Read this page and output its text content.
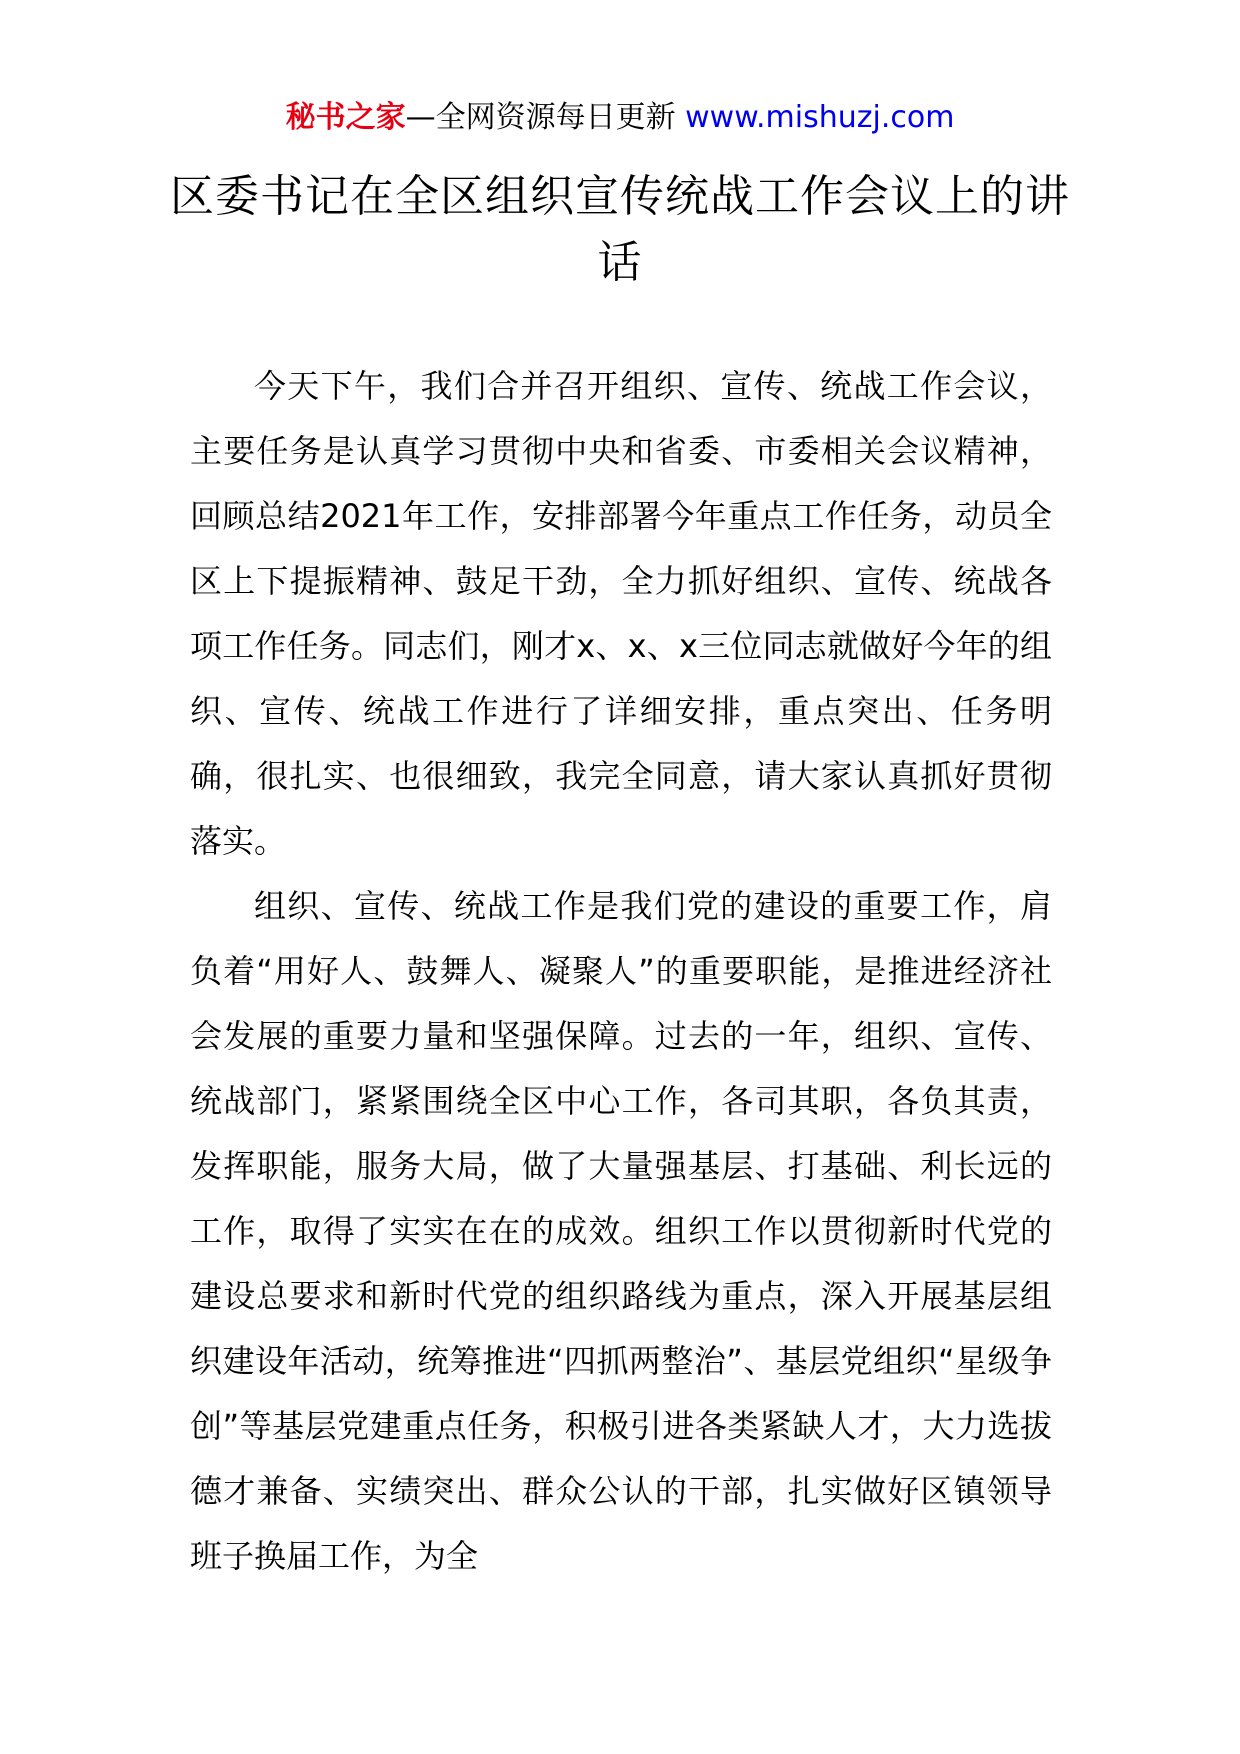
秘书之家—全网资源每日更新 www.mishuzj.com
区委书记在全区组织宣传统战工作会议上的讲话

今天下午，我们合并召开组织、宣传、统战工作会议，主要任务是认真学习贯彻中央和省委、市委相关会议精神，回顾总结2021年工作，安排部署今年重点工作任务，动员全区上下提振精神、鼓足干劲，全力抓好组织、宣传、统战各项工作任务。同志们，刚才x、x、x三位同志就做好今年的组织、宣传、统战工作进行了详细安排，重点突出、任务明确，很扎实、也很细致，我完全同意，请大家认真抓好贯彻落实。

组织、宣传、统战工作是我们党的建设的重要工作，肩负着“用好人、鼓舞人、凝聚人”的重要职能，是推进经济社会发展的重要力量和坚强保障。过去的一年，组织、宣传、统战部门，紧紧围绕全区中心工作，各司其职，各负其责，发挥职能，服务大局，做了大量强基层、打基础、利长远的工作，取得了实实在在的成效。组织工作以贯彻新时代党的建设总要求和新时代党的组织路线为重点，深入开展基层组织建设年活动，统筹推进“四抓两整治”、基层党组织“星级争创”等基层党建重点任务，积极引进各类紧缺人才，大力选拔德才兼备、实绩突出、群众公认的干部，扎实做好区镇领导班子换届工作，为全
